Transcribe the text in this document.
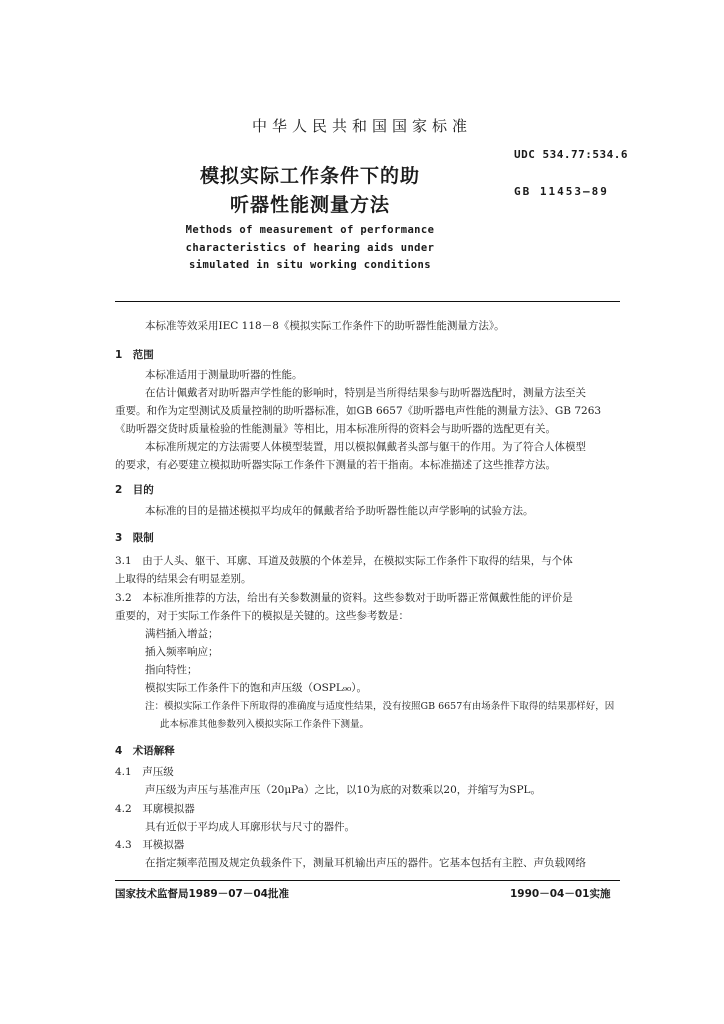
中华人民共和国国家标准
UDC 534.77:534.6
GB 11453—89
模拟实际工作条件下的助
听器性能测量方法
Methods of measurement of performance
characteristics of hearing aids under
simulated in situ working conditions
本标准等效采用IEC 118－8《模拟实际工作条件下的助听器性能测量方法》。
1　范围
本标准适用于测量助听器的性能。
在估计佩戴者对助听器声学性能的影响时，特别是当所得结果参与助听器选配时，测量方法至关
重要。和作为定型测试及质量控制的助听器标准，如GB 6657《助听器电声性能的测量方法》、GB 7263
《助听器交货时质量检验的性能测量》等相比，用本标准所得的资料会与助听器的选配更有关。
本标准所规定的方法需要人体模型装置，用以模拟佩戴者头部与躯干的作用。为了符合人体模型
的要求，有必要建立模拟助听器实际工作条件下测量的若干指南。本标准描述了这些推荐方法。
2　目的
本标准的目的是描述模拟平均成年的佩戴者给予助听器性能以声学影响的试验方法。
3　限制
3.1　由于人头、躯干、耳廓、耳道及鼓膜的个体差异，在模拟实际工作条件下取得的结果，与个体
上取得的结果会有明显差别。
3.2　本标准所推荐的方法，给出有关参数测量的资料。这些参数对于助听器正常佩戴性能的评价是
重要的，对于实际工作条件下的模拟是关键的。这些参考数是：
满档插入增益；
插入频率响应；
指向特性；
模拟实际工作条件下的饱和声压级（OSPL₉₀）。
注：模拟实际工作条件下所取得的准确度与适度性结果，没有按照GB 6657有由场条件下取得的结果那样好，因
此本标准其他参数列入模拟实际工作条件下测量。
4　术语解释
4.1　声压级
声压级为声压与基准声压（20μPa）之比，以10为底的对数乘以20，并缩写为SPL。
4.2　耳廓模拟器
具有近似于平均成人耳廓形状与尺寸的器件。
4.3　耳模拟器
在指定频率范围及规定负载条件下，测量耳机输出声压的器件。它基本包括有主腔、声负载网络
国家技术监督局1989－07－04批准	1990－04－01实施
